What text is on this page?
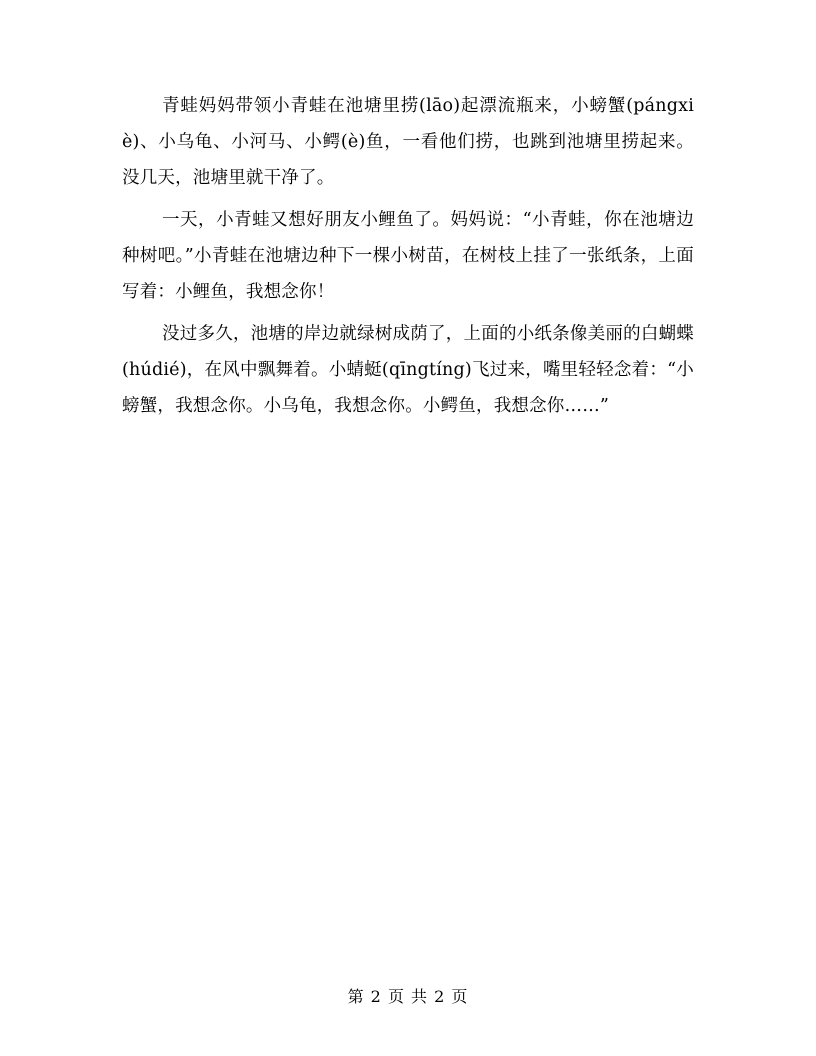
青蛙妈妈带领小青蛙在池塘里捞(lāo)起漂流瓶来，小螃蟹(pángxiè)、小乌龟、小河马、小鳄(è)鱼，一看他们捞，也跳到池塘里捞起来。没几天，池塘里就干净了。

一天，小青蛙又想好朋友小鲤鱼了。妈妈说：“小青蛙，你在池塘边种树吧。”小青蛙在池塘边种下一棵小树苗，在树枝上挂了一张纸条，上面写着：小鲤鱼，我想念你！

没过多久，池塘的岸边就绿树成荫了，上面的小纸条像美丽的白蝴蝶(húdié)，在风中飘舞着。小蜻蜓(qīngtíng)飞过来，嘴里轻轻念着：“小螃蟹，我想念你。小乌龟，我想念你。小鳄鱼，我想念你……”

第 2 页 共 2 页
